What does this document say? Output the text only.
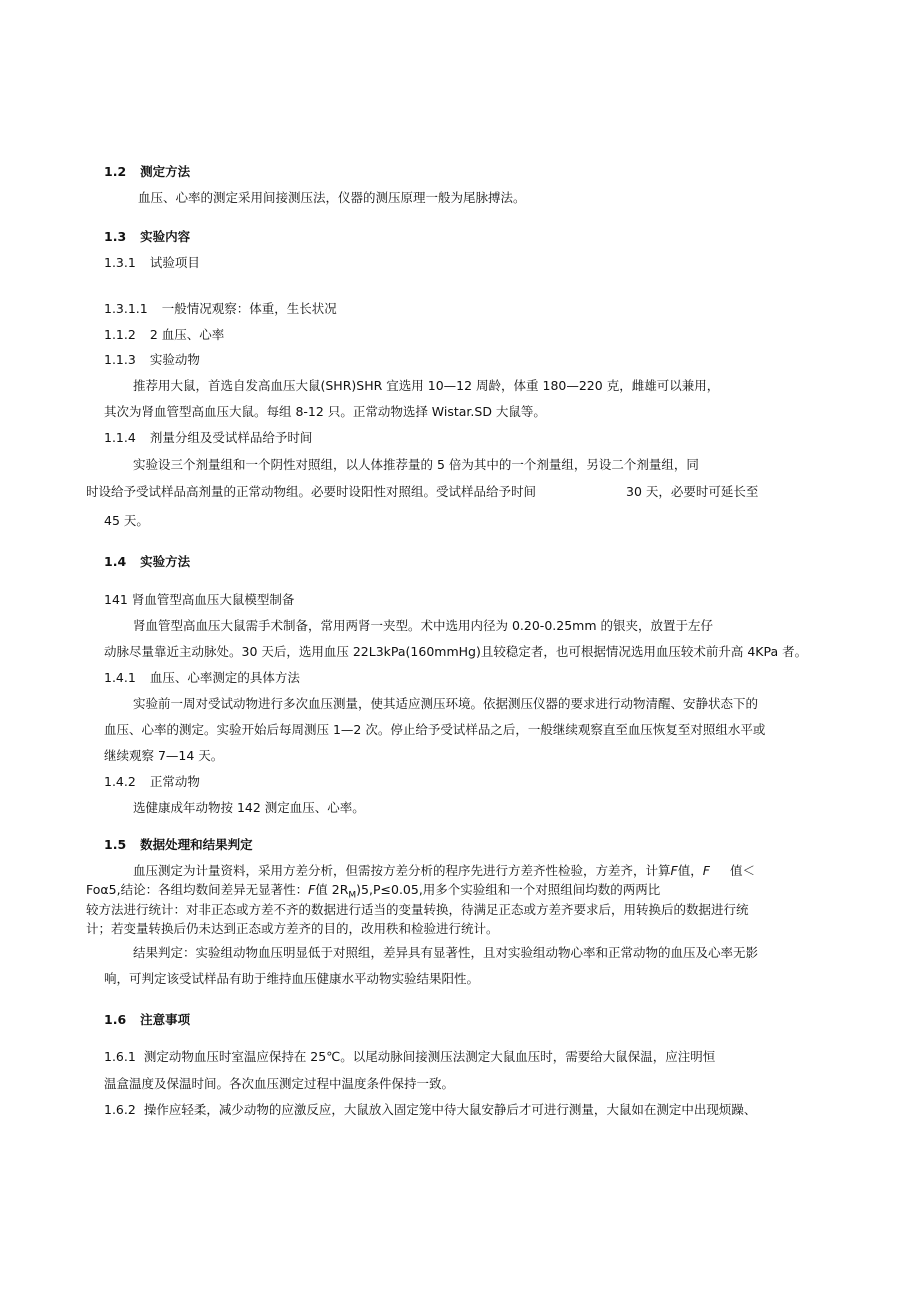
1.2 测定方法
血压、心率的测定采用间接测压法，仪器的测压原理一般为尾脉搏法。
1.3 实验内容
1.3.1 试验项目
1.3.1.1 一般情况观察：体重，生长状况
1.1.2 2 血压、心率
1.1.3 实验动物
推荐用大鼠，首选自发高血压大鼠(SHR)SHR 宜选用 10—12 周龄，体重 180—220 克，雌雄可以兼用，
其次为肾血管型高血压大鼠。每组 8-12 只。正常动物选择 Wistar.SD 大鼠等。
1.1.4 剂量分组及受试样品给予时间
实验设三个剂量组和一个阴性对照组，以人体推荐量的 5 倍为其中的一个剂量组，另设二个剂量组，同
时设给予受试样品高剂量的正常动物组。必要时设阳性对照组。受试样品给予时间	30 天，必要时可延长至
45 天。
1.4 实验方法
141 肾血管型高血压大鼠模型制备
肾血管型高血压大鼠需手术制备，常用两肾一夹型。术中选用内径为 0.20-0.25mm 的银夹，放置于左仔
动脉尽量靠近主动脉处。30 天后，选用血压 22L3kPa(160mmHg)且较稳定者，也可根据情况选用血压较术前升高 4KPa 者。
1.4.1 血压、心率测定的具体方法
实验前一周对受试动物进行多次血压测量，使其适应测压环境。依据测压仪器的要求进行动物清醒、安静状态下的
血压、心率的测定。实验开始后每周测压 1—2 次。停止给予受试样品之后，一般继续观察直至血压恢复至对照组水平或
继续观察 7—14 天。
1.4.2 正常动物
选健康成年动物按 142 测定血压、心率。
1.5 数据处理和结果判定
血压测定为计量资料，采用方差分析，但需按方差分析的程序先进行方差齐性检验，方差齐，计算F值，F 值＜
Foα5,结论：各组均数间差异无显著性：F值 $2R_M)5,P\le 0.05$,用多个实验组和一个对照组间均数的两两比
较方法进行统计：对非正态或方差不齐的数据进行适当的变量转换，待满足正态或方差齐要求后，用转换后的数据进行统
计；若变量转换后仍未达到正态或方差齐的目的，改用秩和检验进行统计。
结果判定：实验组动物血压明显低于对照组，差异具有显著性，且对实验组动物心率和正常动物的血压及心率无影
响，可判定该受试样品有助于维持血压健康水平动物实验结果阳性。
1.6 注意事项
1.6.1 测定动物血压时室温应保持在 25℃。以尾动脉间接测压法测定大鼠血压时，需要给大鼠保温，应注明恒
温盒温度及保温时间。各次血压测定过程中温度条件保持一致。
1.6.2 操作应轻柔，减少动物的应激反应，大鼠放入固定笼中待大鼠安静后才可进行测量，大鼠如在测定中出现烦躁、
